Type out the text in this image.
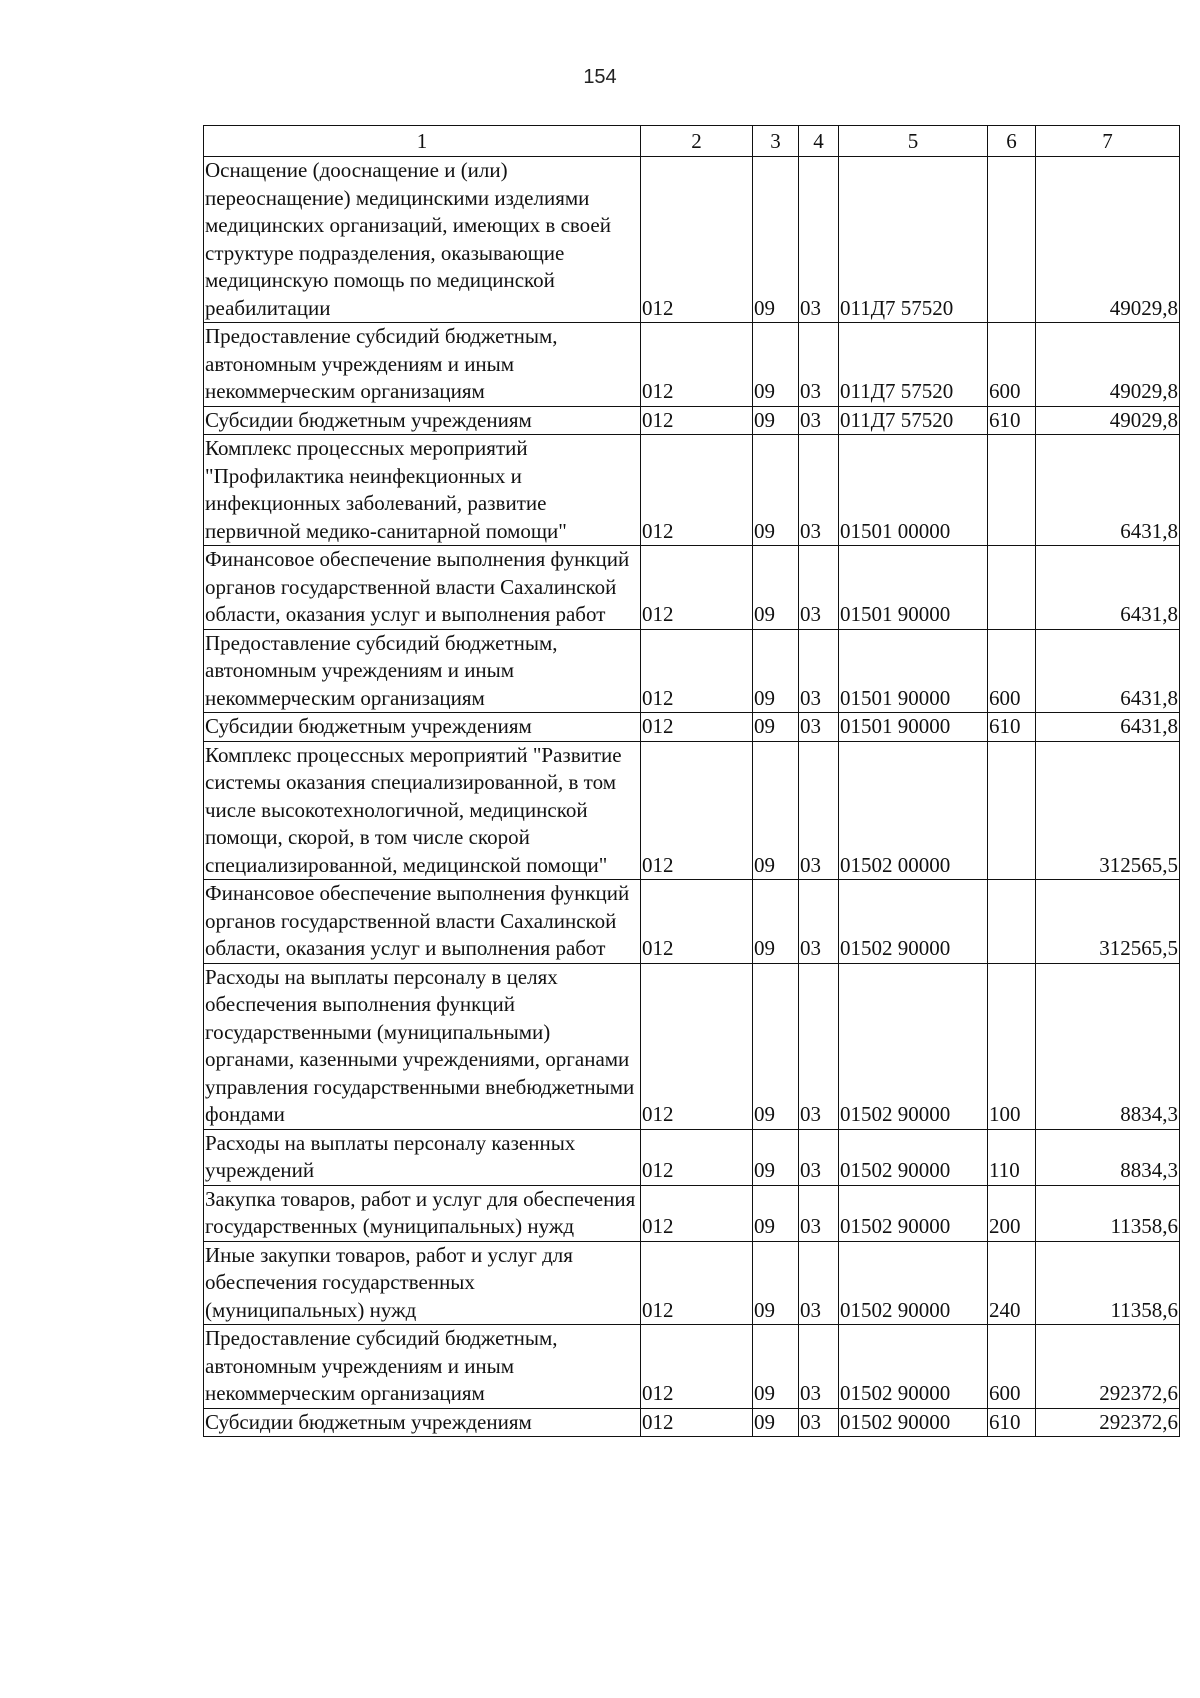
154
1	2	3	4	5	6	7
Оснащение (дооснащение и (или) переоснащение) медицинскими изделиями медицинских организаций, имеющих в своей структуре подразделения, оказывающие медицинскую помощь по медицинской реабилитации	012	09	03	011Д7 57520		49029,8
Предоставление субсидий бюджетным, автономным учреждениям и иным некоммерческим организациям	012	09	03	011Д7 57520	600	49029,8
Субсидии бюджетным учреждениям	012	09	03	011Д7 57520	610	49029,8
Комплекс процессных мероприятий "Профилактика неинфекционных и инфекционных заболеваний, развитие первичной медико-санитарной помощи"	012	09	03	01501 00000		6431,8
Финансовое обеспечение выполнения функций органов государственной власти Сахалинской области, оказания услуг и выполнения работ	012	09	03	01501 90000		6431,8
Предоставление субсидий бюджетным, автономным учреждениям и иным некоммерческим организациям	012	09	03	01501 90000	600	6431,8
Субсидии бюджетным учреждениям	012	09	03	01501 90000	610	6431,8
Комплекс процессных мероприятий "Развитие системы оказания специализированной, в том числе высокотехнологичной, медицинской помощи, скорой, в том числе скорой специализированной, медицинской помощи"	012	09	03	01502 00000		312565,5
Финансовое обеспечение выполнения функций органов государственной власти Сахалинской области, оказания услуг и выполнения работ	012	09	03	01502 90000		312565,5
Расходы на выплаты персоналу в целях обеспечения выполнения функций государственными (муниципальными) органами, казенными учреждениями, органами управления государственными внебюджетными фондами	012	09	03	01502 90000	100	8834,3
Расходы на выплаты персоналу казенных учреждений	012	09	03	01502 90000	110	8834,3
Закупка товаров, работ и услуг для обеспечения государственных (муниципальных) нужд	012	09	03	01502 90000	200	11358,6
Иные закупки товаров, работ и услуг для обеспечения государственных (муниципальных) нужд	012	09	03	01502 90000	240	11358,6
Предоставление субсидий бюджетным, автономным учреждениям и иным некоммерческим организациям	012	09	03	01502 90000	600	292372,6
Субсидии бюджетным учреждениям	012	09	03	01502 90000	610	292372,6
